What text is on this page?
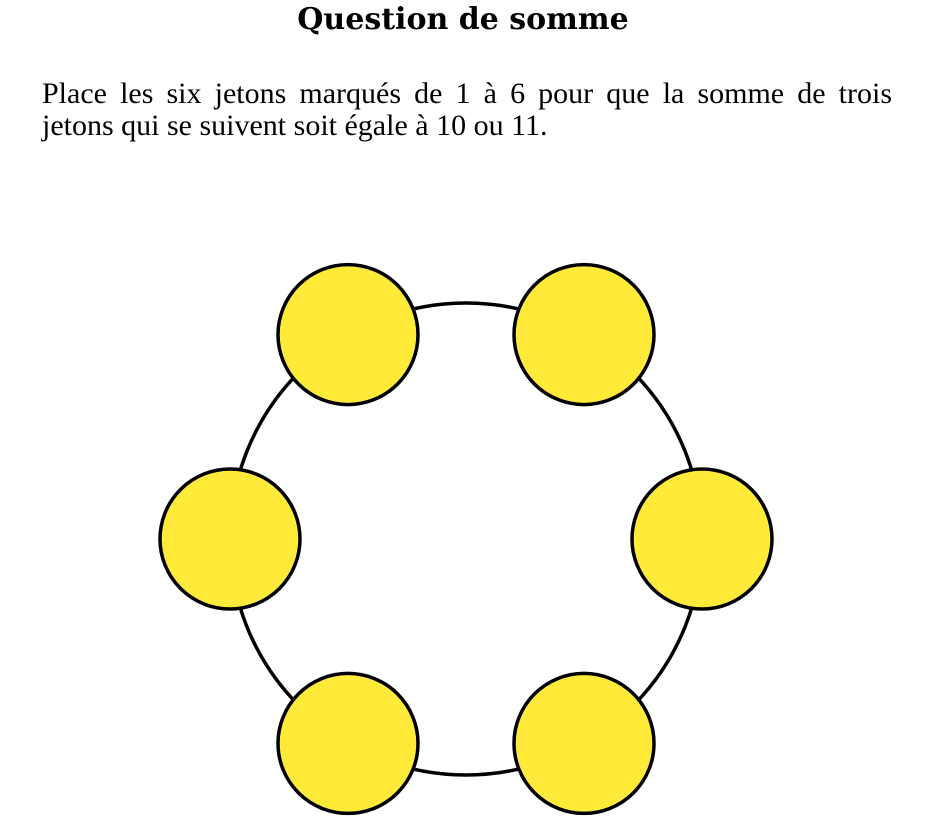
Question de somme

Place les six jetons marqués de 1 à 6 pour que la somme de trois jetons qui se suivent soit égale à 10 ou 11.
